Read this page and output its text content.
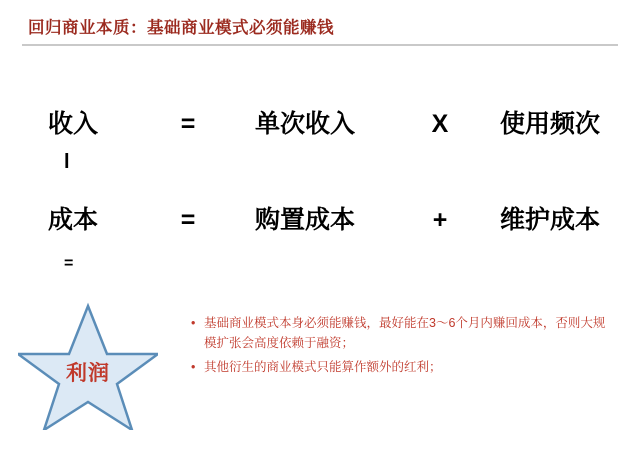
回归商业本质：基础商业模式必须能赚钱
收入	=	单次收入	X	使用频次
l
成本	=	购置成本	+	维护成本
=
利润
• 基础商业模式本身必须能赚钱，最好能在3～6个月内赚回成本，否则大规模扩张会高度依赖于融资；
• 其他衍生的商业模式只能算作额外的红利；
